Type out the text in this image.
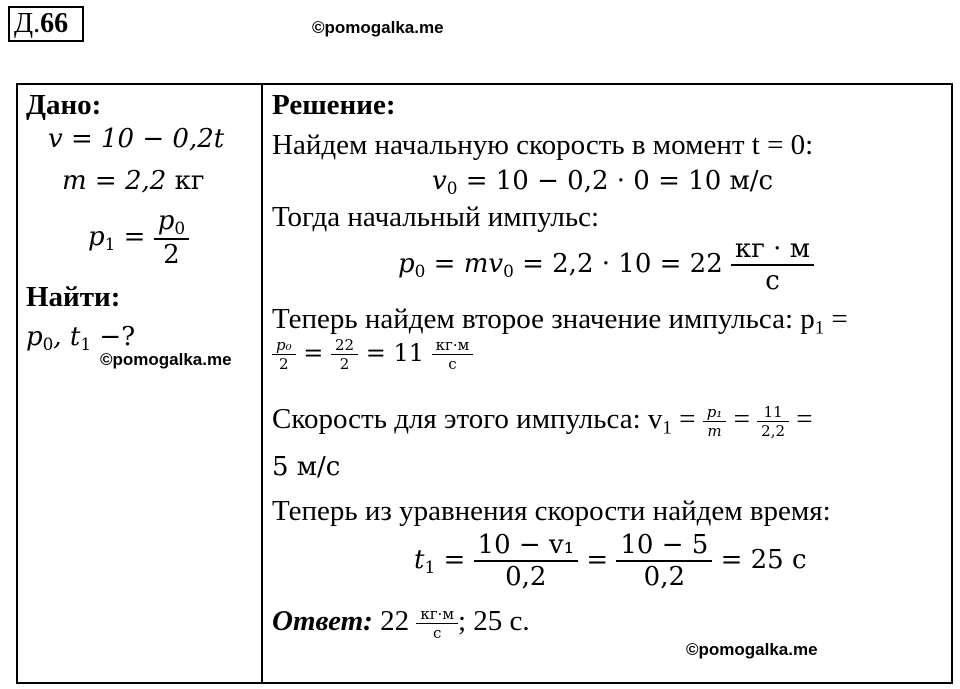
Д.66	©pomogalka.me
Дано:
v = 10 − 0,2t
m = 2,2 кг
$p_1 = \frac{p_0}{2}$
Найти:
$p_0$, $t_1$ −?
©pomogalka.me
Решение:
Найдем начальную скорость в момент t = 0:
$v_0 = 10 - 0,2 \cdot 0 = 10$ м/с
Тогда начальный импульс:
$p_0 = mv_0 = 2,2 \cdot 10 = 22 \frac{кг \cdot м}{с}$
Теперь найдем второе значение импульса: $p_1$ =
$\frac{\text{p₀}}{2} = \frac{22}{2} = 11 \frac{кг\cdot м}{с}$
Скорость для этого импульса: $v_1 = \frac{\text{p₁}}{m} = \frac{11}{2,2}$ =
5 м/с
Теперь из уравнения скорости найдем время:
$t_1 = \frac{\text{10 − v₁}}{0,2} = \frac{10 - 5}{0,2} = 25$ с
Ответ: $22 \frac{кг\cdot м}{с}$ ; 25 с.
©pomogalka.me
